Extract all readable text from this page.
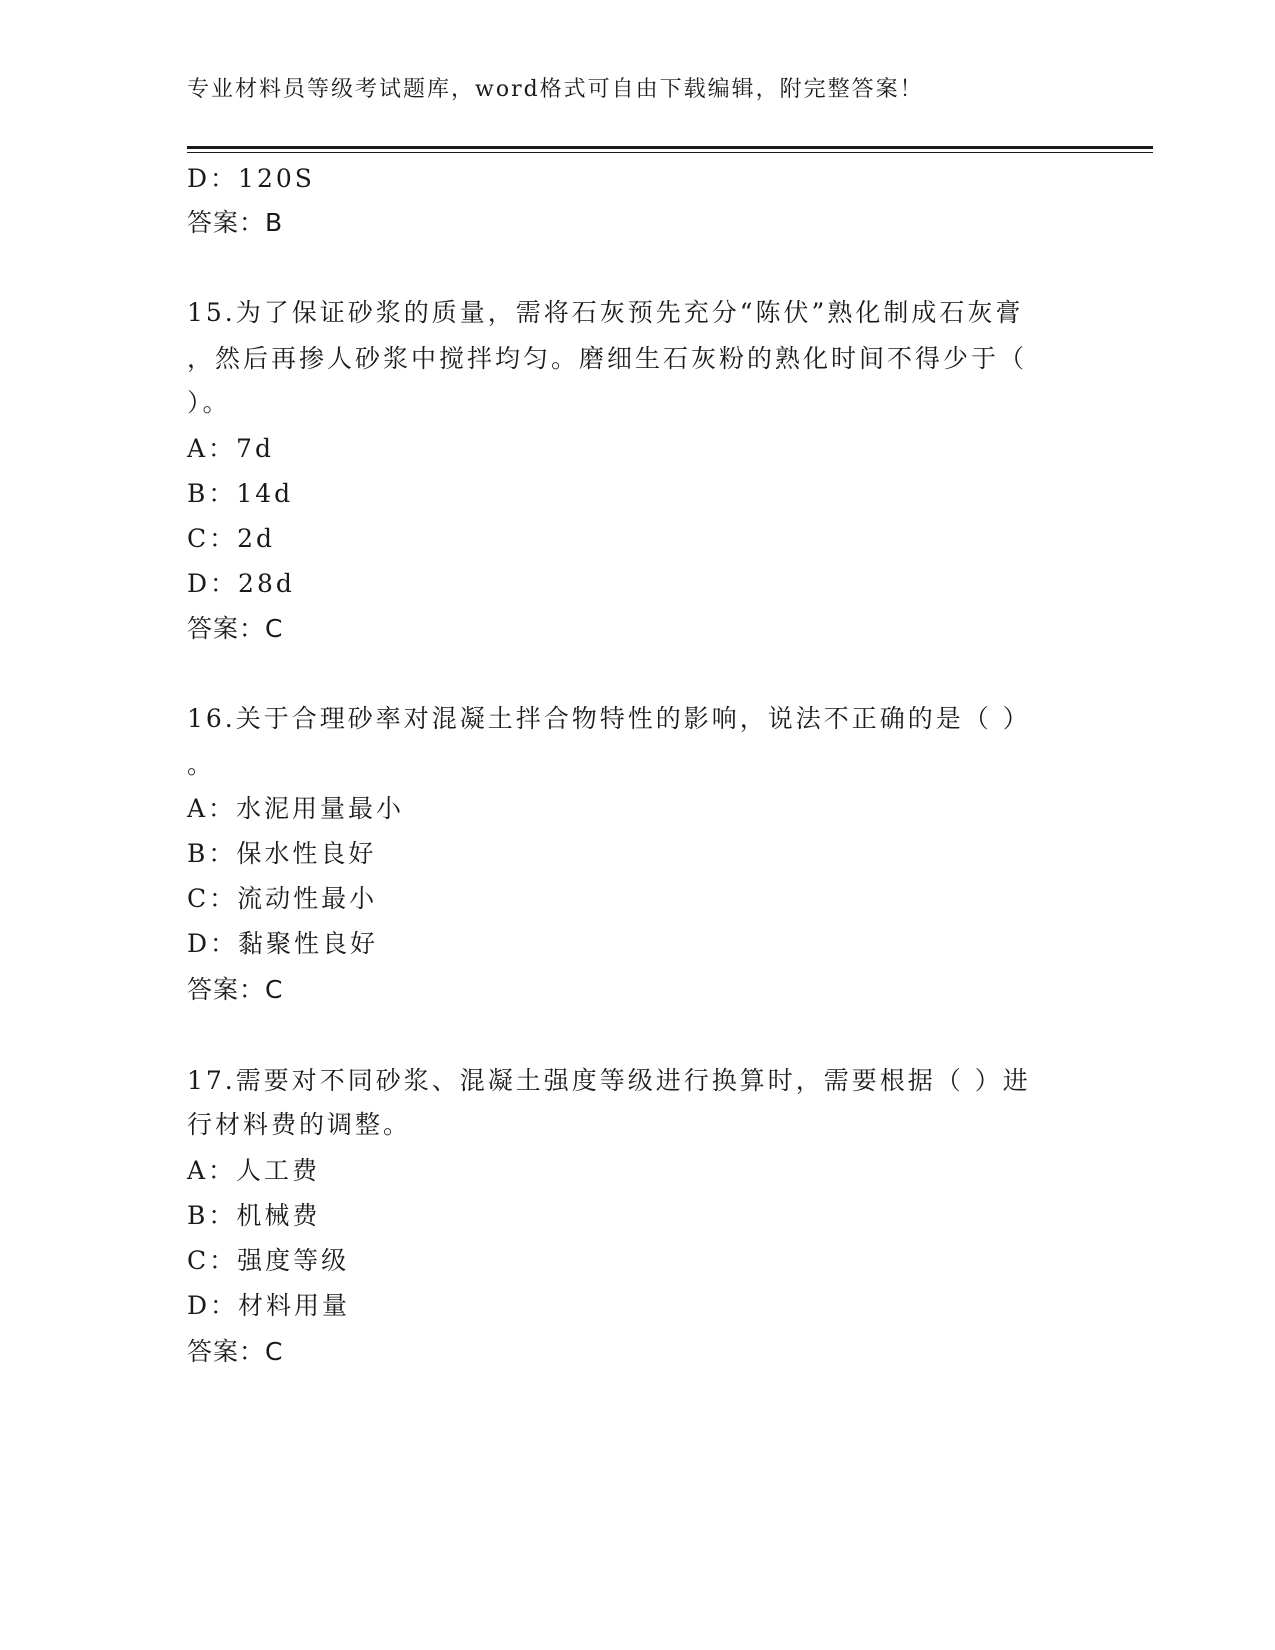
专业材料员等级考试题库，word格式可自由下载编辑，附完整答案！
D：120S
答案：B
15.为了保证砂浆的质量，需将石灰预先充分“陈伏”熟化制成石灰膏
，然后再掺人砂浆中搅拌均匀。磨细生石灰粉的熟化时间不得少于（
）。
A：7d
B：14d
C：2d
D：28d
答案：C
16.关于合理砂率对混凝土拌合物特性的影响，说法不正确的是（ ）
。
A：水泥用量最小
B：保水性良好
C：流动性最小
D：黏聚性良好
答案：C
17.需要对不同砂浆、混凝土强度等级进行换算时，需要根据（ ）进
行材料费的调整。
A：人工费
B：机械费
C：强度等级
D：材料用量
答案：C
